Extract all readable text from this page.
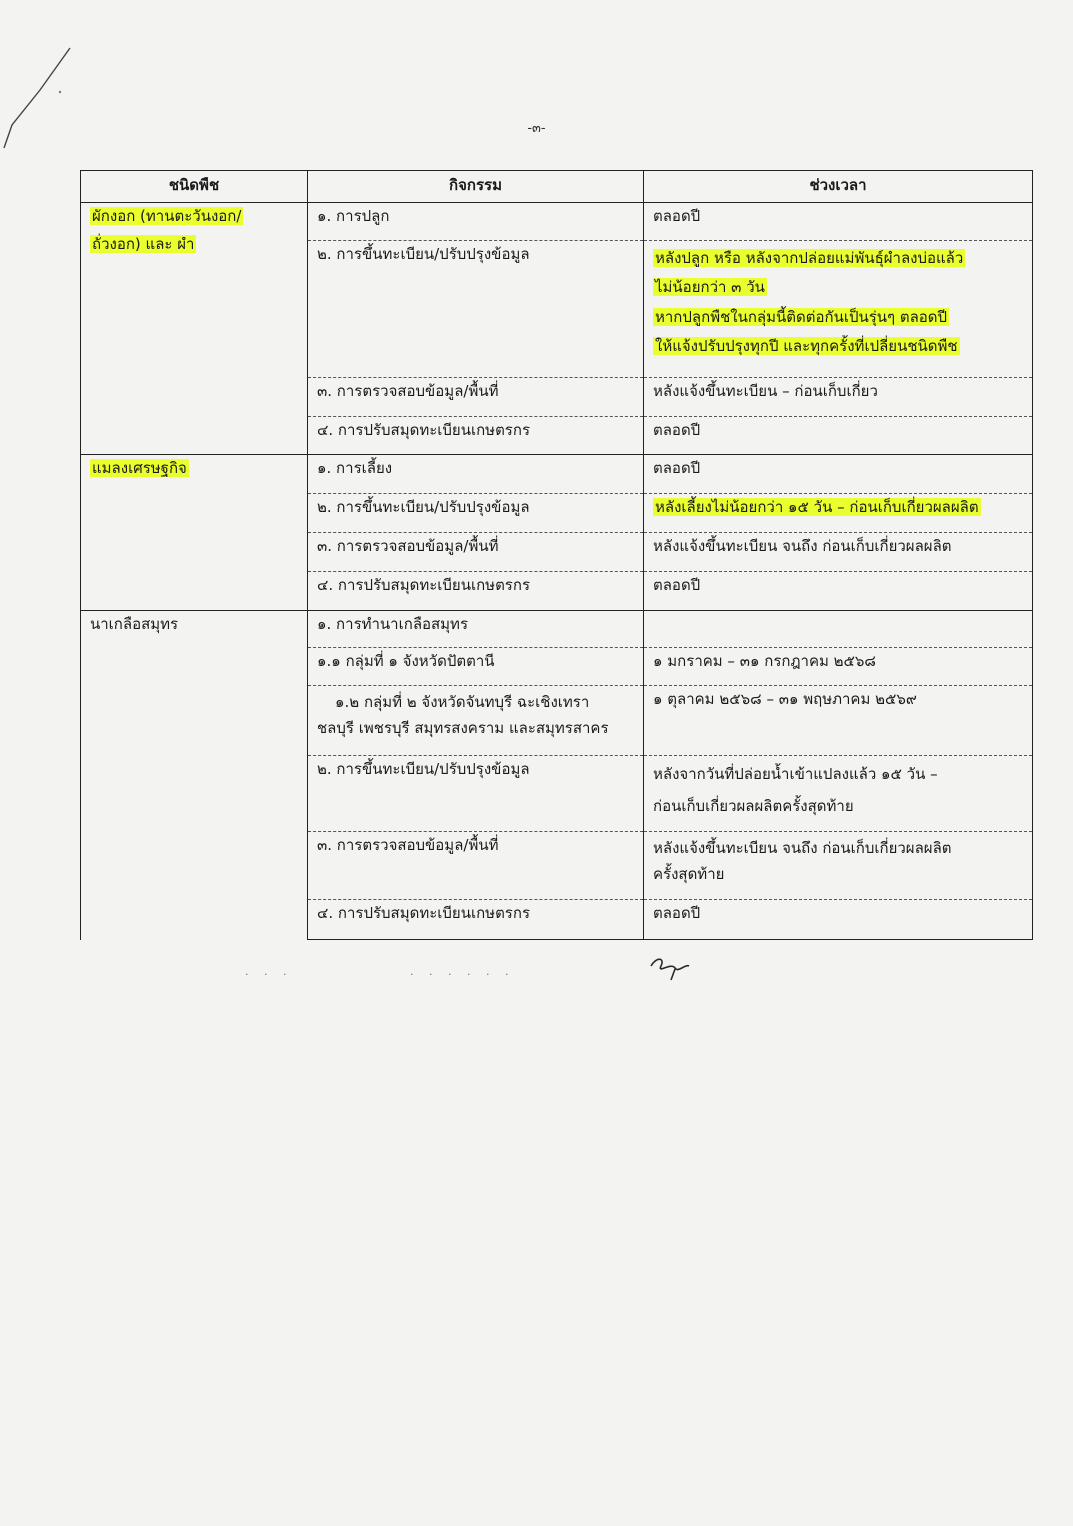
-๓-
ชนิดพืช	กิจกรรม	ช่วงเวลา

ผักงอก (ทานตะวันงอก/
ถั่วงอก) และ ผำ	๑. การปลูก	ตลอดปี
	๒. การขึ้นทะเบียน/ปรับปรุงข้อมูล	หลังปลูก หรือ หลังจากปล่อยแม่พันธุ์ผำลงบ่อแล้ว
ไม่น้อยกว่า ๓ วัน
หากปลูกพืชในกลุ่มนี้ติดต่อกันเป็นรุ่นๆ ตลอดปี
ให้แจ้งปรับปรุงทุกปี และทุกครั้งที่เปลี่ยนชนิดพืช

	๓. การตรวจสอบข้อมูล/พื้นที่	หลังแจ้งขึ้นทะเบียน – ก่อนเก็บเกี่ยว
	๔. การปรับสมุดทะเบียนเกษตรกร	ตลอดปี
แมลงเศรษฐกิจ	๑. การเลี้ยง	ตลอดปี
	๒. การขึ้นทะเบียน/ปรับปรุงข้อมูล	หลังเลี้ยงไม่น้อยกว่า ๑๕ วัน – ก่อนเก็บเกี่ยวผลผลิต
	๓. การตรวจสอบข้อมูล/พื้นที่	หลังแจ้งขึ้นทะเบียน จนถึง ก่อนเก็บเกี่ยวผลผลิต
	๔. การปรับสมุดทะเบียนเกษตรกร	ตลอดปี
นาเกลือสมุทร	๑. การทำนาเกลือสมุทร	
	๑.๑ กลุ่มที่ ๑ จังหวัดปัตตานี	๑ มกราคม – ๓๑ กรกฎาคม ๒๕๖๘

	๑.๒ กลุ่มที่ ๒ จังหวัดจันทบุรี ฉะเชิงเทรา
ชลบุรี เพชรบุรี สมุทรสงคราม และสมุทรสาคร	๑ ตุลาคม ๒๕๖๘ – ๓๑ พฤษภาคม ๒๕๖๙
	๒. การขึ้นทะเบียน/ปรับปรุงข้อมูล	หลังจากวันที่ปล่อยน้ำเข้าแปลงแล้ว ๑๕ วัน –
ก่อนเก็บเกี่ยวผลผลิตครั้งสุดท้าย

	๓. การตรวจสอบข้อมูล/พื้นที่	หลังแจ้งขึ้นทะเบียน จนถึง ก่อนเก็บเกี่ยวผลผลิต
ครั้งสุดท้าย

	๔. การปรับสมุดทะเบียนเกษตรกร	ตลอดปี
· · ·	· · · · · ·
